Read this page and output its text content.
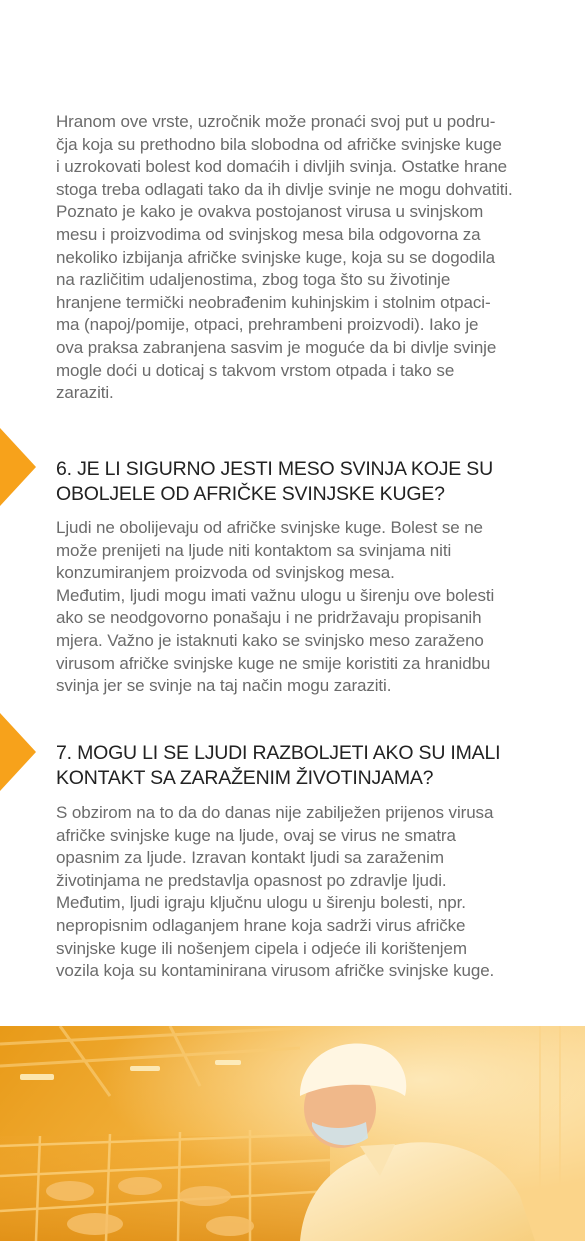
Hranom ove vrste, uzročnik može pronaći svoj put u podru-
čja koja su prethodno bila slobodna od afričke svinjske kuge
i uzrokovati bolest kod domaćih i divljih svinja. Ostatke hrane
stoga treba odlagati tako da ih divlje svinje ne mogu dohvatiti.
Poznato je kako je ovakva postojanost virusa u svinjskom
mesu i proizvodima od svinjskog mesa bila odgovorna za
nekoliko izbijanja afričke svinjske kuge, koja su se dogodila
na različitim udaljenostima, zbog toga što su životinje
hranjene termički neobrađenim kuhinjskim i stolnim otpaci-
ma (napoj/pomije, otpaci, prehrambeni proizvodi). Iako je
ova praksa zabranjena sasvim je moguće da bi divlje svinje
mogle doći u doticaj s takvom vrstom otpada i tako se
zaraziti.
6. JE LI SIGURNO JESTI MESO SVINJA KOJE SU
OBOLJELE OD AFRIČKE SVINJSKE KUGE?
Ljudi ne obolijevaju od afričke svinjske kuge. Bolest se ne
može prenijeti na ljude niti kontaktom sa svinjama niti
konzumiranjem proizvoda od svinjskog mesa.
Međutim, ljudi mogu imati važnu ulogu u širenju ove bolesti
ako se neodgovorno ponašaju i ne pridržavaju propisanih
mjera. Važno je istaknuti kako se svinjsko meso zaraženo
virusom afričke svinjske kuge ne smije koristiti za hranidbu
svinja jer se svinje na taj način mogu zaraziti.
7. MOGU LI SE LJUDI RAZBOLJETI AKO SU IMALI
KONTAKT SA ZARAŽENIM ŽIVOTINJAMA?
S obzirom na to da do danas nije zabilježen prijenos virusa
afričke svinjske kuge na ljude, ovaj se virus ne smatra
opasnim za ljude. Izravan kontakt ljudi sa zaraženim
životinjama ne predstavlja opasnost po zdravlje ljudi.
Međutim, ljudi igraju ključnu ulogu u širenju bolesti, npr.
nepropisnim odlaganjem hrane koja sadrži virus afričke
svinjske kuge ili nošenjem cipela i odjeće ili korištenjem
vozila koja su kontaminirana virusom afričke svinjske kuge.
